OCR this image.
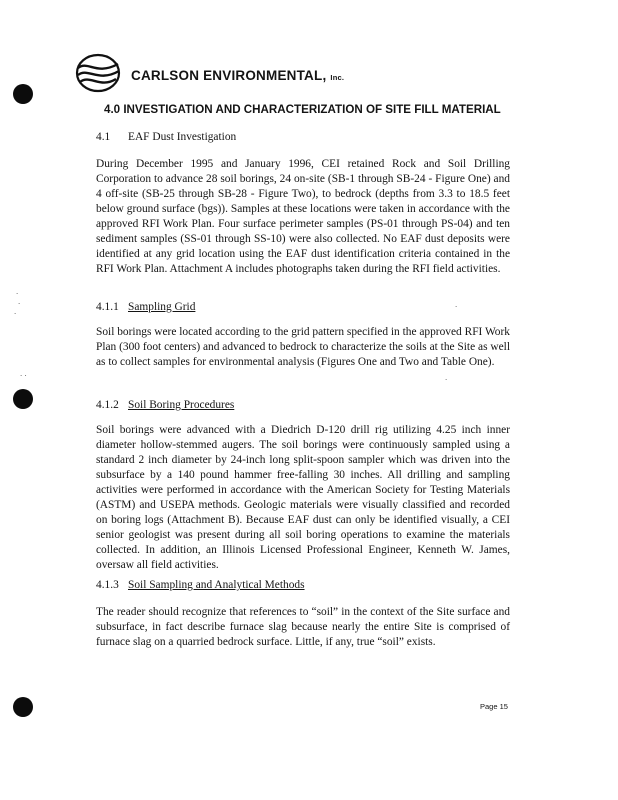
·
·
·
· ·
·
·
CARLSON ENVIRONMENTAL, Inc.
4.0 INVESTIGATION AND CHARACTERIZATION OF SITE FILL MATERIAL
4.1 EAF Dust Investigation
During December 1995 and January 1996, CEI retained Rock and Soil Drilling Corporation to advance 28 soil borings, 24 on-site (SB-1 through SB-24 - Figure One) and 4 off-site (SB-25 through SB-28 - Figure Two), to bedrock (depths from 3.3 to 18.5 feet below ground surface (bgs)). Samples at these locations were taken in accordance with the approved RFI Work Plan. Four surface perimeter samples (PS-01 through PS-04) and ten sediment samples (SS-01 through SS-10) were also collected. No EAF dust deposits were identified at any grid location using the EAF dust identification criteria contained in the RFI Work Plan. Attachment A includes photographs taken during the RFI field activities.
4.1.1 Sampling Grid
Soil borings were located according to the grid pattern specified in the approved RFI Work Plan (300 foot centers) and advanced to bedrock to characterize the soils at the Site as well as to collect samples for environmental analysis (Figures One and Two and Table One).
4.1.2 Soil Boring Procedures
Soil borings were advanced with a Diedrich D-120 drill rig utilizing 4.25 inch inner diameter hollow-stemmed augers. The soil borings were continuously sampled using a standard 2 inch diameter by 24-inch long split-spoon sampler which was driven into the subsurface by a 140 pound hammer free-falling 30 inches. All drilling and sampling activities were performed in accordance with the American Society for Testing Materials (ASTM) and USEPA methods. Geologic materials were visually classified and recorded on boring logs (Attachment B). Because EAF dust can only be identified visually, a CEI senior geologist was present during all soil boring operations to examine the materials collected. In addition, an Illinois Licensed Professional Engineer, Kenneth W. James, oversaw all field activities.
4.1.3 Soil Sampling and Analytical Methods
The reader should recognize that references to “soil” in the context of the Site surface and subsurface, in fact describe furnace slag because nearly the entire Site is comprised of furnace slag on a quarried bedrock surface. Little, if any, true “soil” exists.
Page 15
